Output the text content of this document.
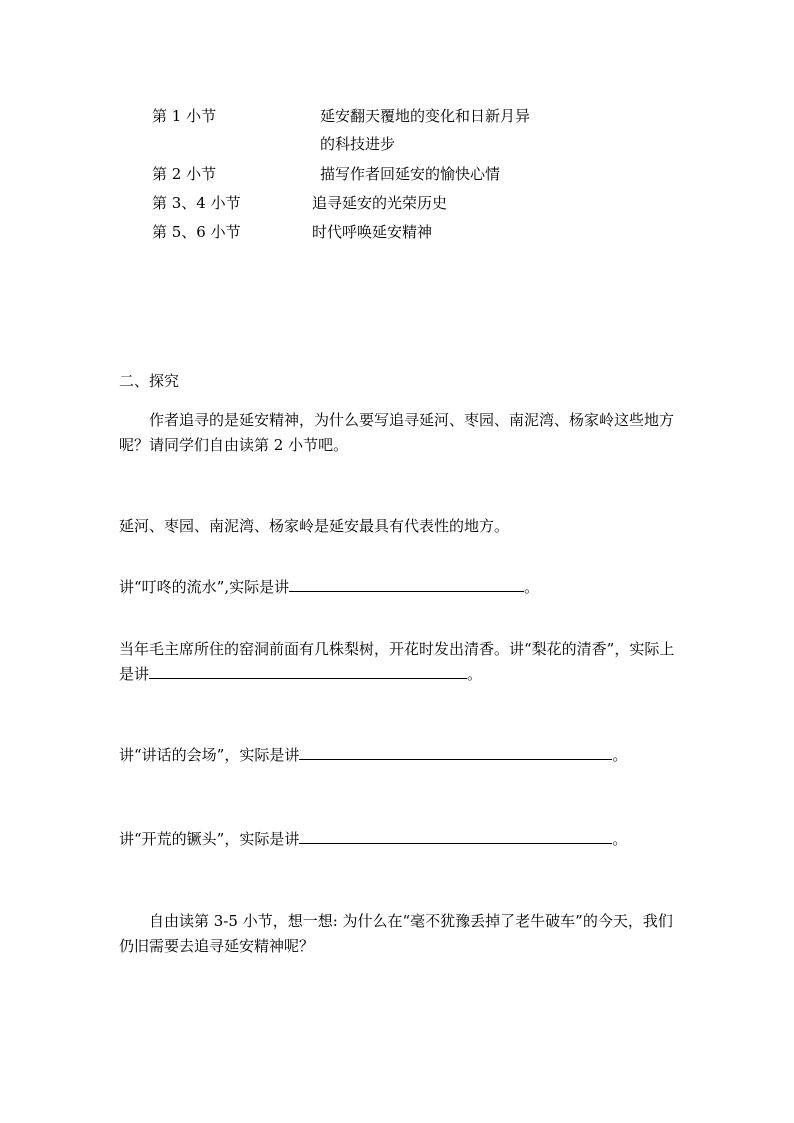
第 1 小节	延安翻天覆地的变化和日新月异
的科技进步
第 2 小节	描写作者回延安的愉快心情
第 3、4 小节	追寻延安的光荣历史
第 5、6 小节	时代呼唤延安精神
二、探究
作者追寻的是延安精神，为什么要写追寻延河、枣园、南泥湾、杨家岭这些地方呢？请同学们自由读第 2 小节吧。
延河、枣园、南泥湾、杨家岭是延安最具有代表性的地方。
讲“叮咚的流水”,实际是讲	。
当年毛主席所住的窑洞前面有几株梨树，开花时发出清香。讲“梨花的清香”，实际上是讲	。
讲“讲话的会场”，实际是讲	。
讲“开荒的镢头”，实际是讲	。
自由读第 3-5 小节，想一想: 为什么在“毫不犹豫丢掉了老牛破车”的今天，我们仍旧需要去追寻延安精神呢？
